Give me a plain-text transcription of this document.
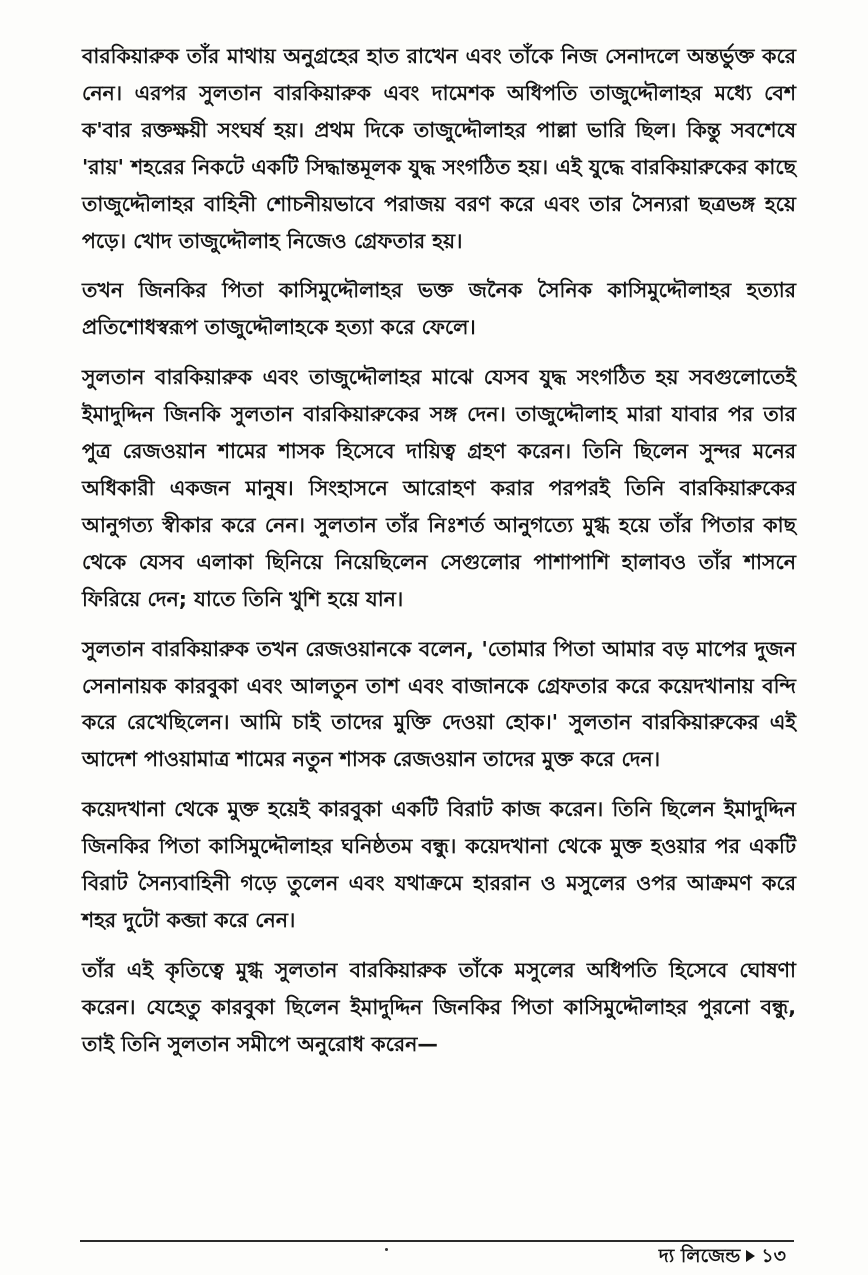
বারকিয়ারুক তাঁর মাথায় অনুগ্রহের হাত রাখেন এবং তাঁকে নিজ সেনাদলে অন্তর্ভুক্ত করে নেন। এরপর সুলতান বারকিয়ারুক এবং দামেশক অধিপতি তাজুদ্দৌলাহর মধ্যে বেশ ক'বার রক্তক্ষয়ী সংঘর্ষ হয়। প্রথম দিকে তাজুদ্দৌলাহর পাল্লা ভারি ছিল। কিন্তু সবশেষে 'রায়' শহরের নিকটে একটি সিদ্ধান্তমূলক যুদ্ধ সংগঠিত হয়। এই যুদ্ধে বারকিয়ারুকের কাছে তাজুদ্দৌলাহর বাহিনী শোচনীয়ভাবে পরাজয় বরণ করে এবং তার সৈন্যরা ছত্রভঙ্গ হয়ে পড়ে। খোদ তাজুদ্দৌলাহ নিজেও গ্রেফতার হয়।

তখন জিনকির পিতা কাসিমুদ্দৌলাহর ভক্ত জনৈক সৈনিক কাসিমুদ্দৌলাহর হত্যার প্রতিশোধস্বরূপ তাজুদ্দৌলাহকে হত্যা করে ফেলে।

সুলতান বারকিয়ারুক এবং তাজুদ্দৌলাহর মাঝে যেসব যুদ্ধ সংগঠিত হয় সবগুলোতেই ইমাদুদ্দিন জিনকি সুলতান বারকিয়ারুকের সঙ্গ দেন। তাজুদ্দৌলাহ মারা যাবার পর তার পুত্র রেজওয়ান শামের শাসক হিসেবে দায়িত্ব গ্রহণ করেন। তিনি ছিলেন সুন্দর মনের অধিকারী একজন মানুষ। সিংহাসনে আরোহণ করার পরপরই তিনি বারকিয়ারুকের আনুগত্য স্বীকার করে নেন। সুলতান তাঁর নিঃশর্ত আনুগত্যে মুগ্ধ হয়ে তাঁর পিতার কাছ থেকে যেসব এলাকা ছিনিয়ে নিয়েছিলেন সেগুলোর পাশাপাশি হালাবও তাঁর শাসনে ফিরিয়ে দেন; যাতে তিনি খুশি হয়ে যান।

সুলতান বারকিয়ারুক তখন রেজওয়ানকে বলেন, 'তোমার পিতা আমার বড় মাপের দুজন সেনানায়ক কারবুকা এবং আলতুন তাশ এবং বাজানকে গ্রেফতার করে কয়েদখানায় বন্দি করে রেখেছিলেন। আমি চাই তাদের মুক্তি দেওয়া হোক।' সুলতান বারকিয়ারুকের এই আদেশ পাওয়ামাত্র শামের নতুন শাসক রেজওয়ান তাদের মুক্ত করে দেন।

কয়েদখানা থেকে মুক্ত হয়েই কারবুকা একটি বিরাট কাজ করেন। তিনি ছিলেন ইমাদুদ্দিন জিনকির পিতা কাসিমুদ্দৌলাহর ঘনিষ্ঠতম বন্ধু। কয়েদখানা থেকে মুক্ত হওয়ার পর একটি বিরাট সৈন্যবাহিনী গড়ে তুলেন এবং যথাক্রমে হাররান ও মসুলের ওপর আক্রমণ করে শহর দুটো কব্জা করে নেন।

তাঁর এই কৃতিত্বে মুগ্ধ সুলতান বারকিয়ারুক তাঁকে মসুলের অধিপতি হিসেবে ঘোষণা করেন। যেহেতু কারবুকা ছিলেন ইমাদুদ্দিন জিনকির পিতা কাসিমুদ্দৌলাহর পুরনো বন্ধু, তাই তিনি সুলতান সমীপে অনুরোধ করেন—

দ্য লিজেন্ড ১৩
